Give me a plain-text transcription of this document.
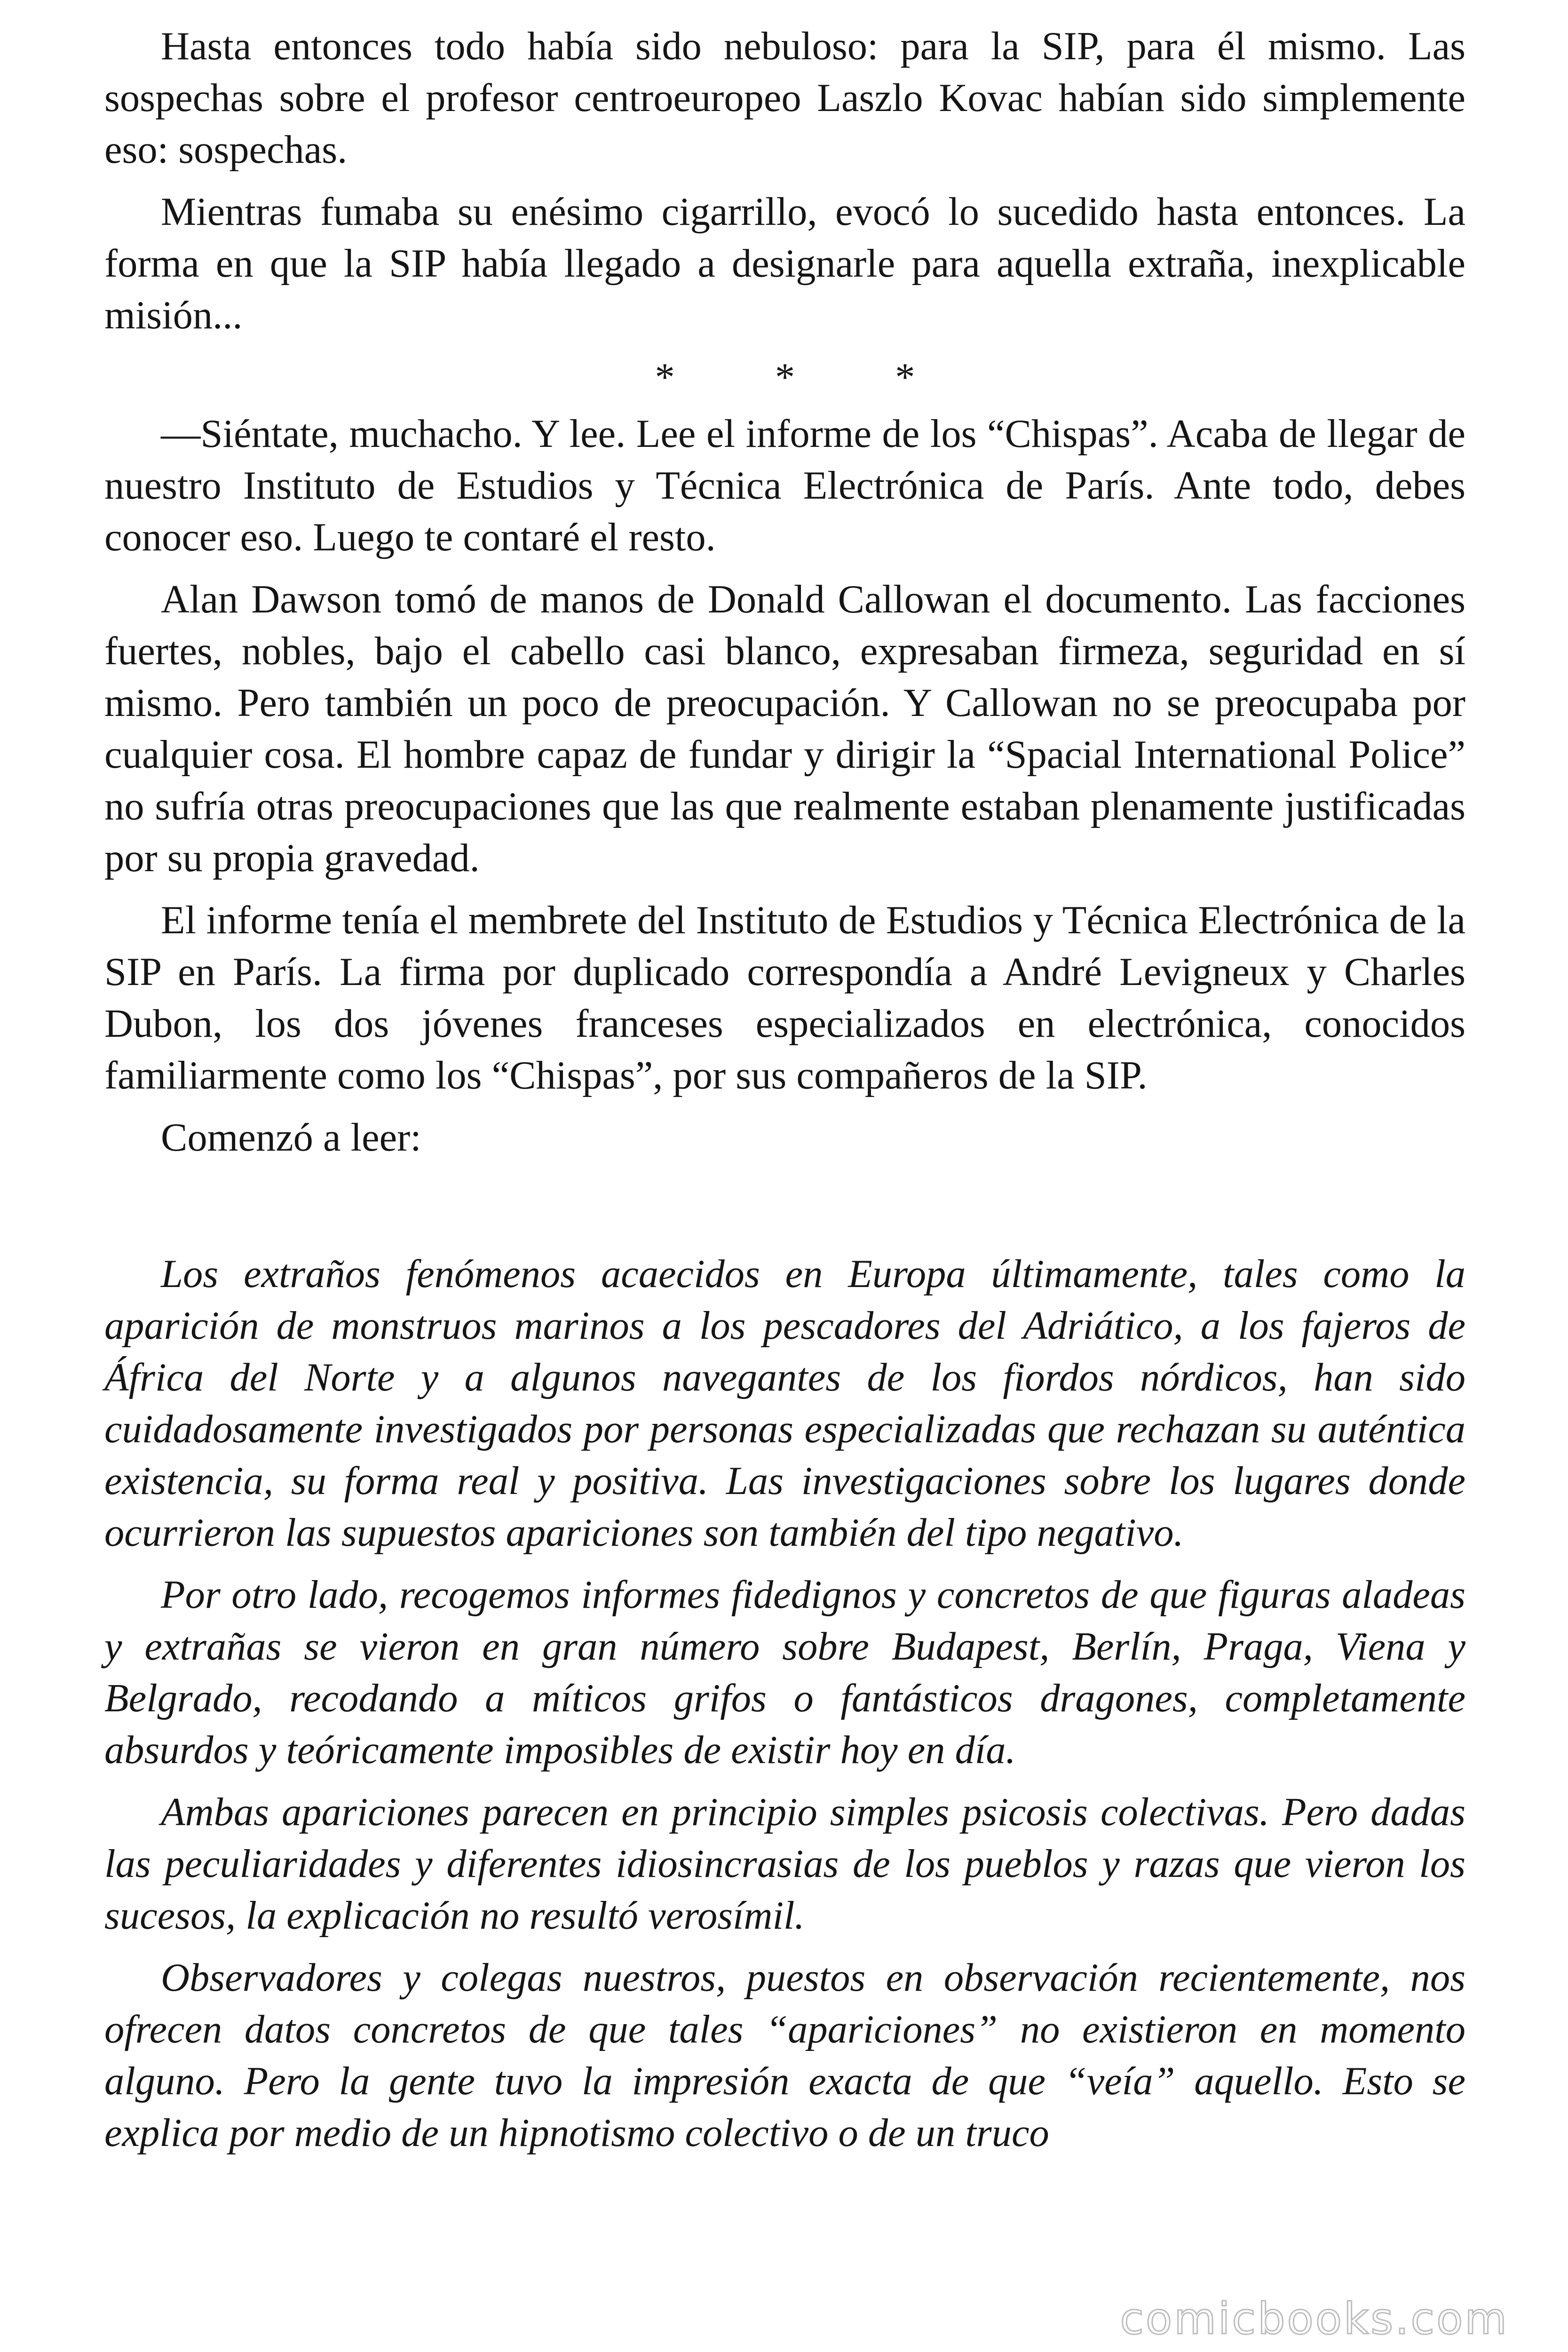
Hasta entonces todo había sido nebuloso: para la SIP, para él mismo. Las sospechas sobre el profesor centroeuropeo Laszlo Kovac habían sido simplemente eso: sospechas.

Mientras fumaba su enésimo cigarrillo, evocó lo sucedido hasta entonces. La forma en que la SIP había llegado a designarle para aquella extraña, inexplicable misión...

* * *

—Siéntate, muchacho. Y lee. Lee el informe de los “Chispas”. Acaba de llegar de nuestro Instituto de Estudios y Técnica Electrónica de París. Ante todo, debes conocer eso. Luego te contaré el resto.

Alan Dawson tomó de manos de Donald Callowan el documento. Las facciones fuertes, nobles, bajo el cabello casi blanco, expresaban firmeza, seguridad en sí mismo. Pero también un poco de preocupación. Y Callowan no se preocupaba por cualquier cosa. El hombre capaz de fundar y dirigir la “Spacial International Police” no sufría otras preocupaciones que las que realmente estaban plenamente justificadas por su propia gravedad.

El informe tenía el membrete del Instituto de Estudios y Técnica Electrónica de la SIP en París. La firma por duplicado correspondía a André Levigneux y Charles Dubon, los dos jóvenes franceses especializados en electrónica, conocidos familiarmente como los “Chispas”, por sus compañeros de la SIP.

Comenzó a leer:

Los extraños fenómenos acaecidos en Europa últimamente, tales como la aparición de monstruos marinos a los pescadores del Adriático, a los fajeros de África del Norte y a algunos navegantes de los fiordos nórdicos, han sido cuidadosamente investigados por personas especializadas que rechazan su auténtica existencia, su forma real y positiva. Las investigaciones sobre los lugares donde ocurrieron las supuestos apariciones son también del tipo negativo.

Por otro lado, recogemos informes fidedignos y concretos de que figuras aladeas y extrañas se vieron en gran número sobre Budapest, Berlín, Praga, Viena y Belgrado, recodando a míticos grifos o fantásticos dragones, completamente absurdos y teóricamente imposibles de existir hoy en día.

Ambas apariciones parecen en principio simples psicosis colectivas. Pero dadas las peculiaridades y diferentes idiosincrasias de los pueblos y razas que vieron los sucesos, la explicación no resultó verosímil.

Observadores y colegas nuestros, puestos en observación recientemente, nos ofrecen datos concretos de que tales “apariciones” no existieron en momento alguno. Pero la gente tuvo la impresión exacta de que “veía” aquello. Esto se explica por medio de un hipnotismo colectivo o de un truco

comicbooks.com
